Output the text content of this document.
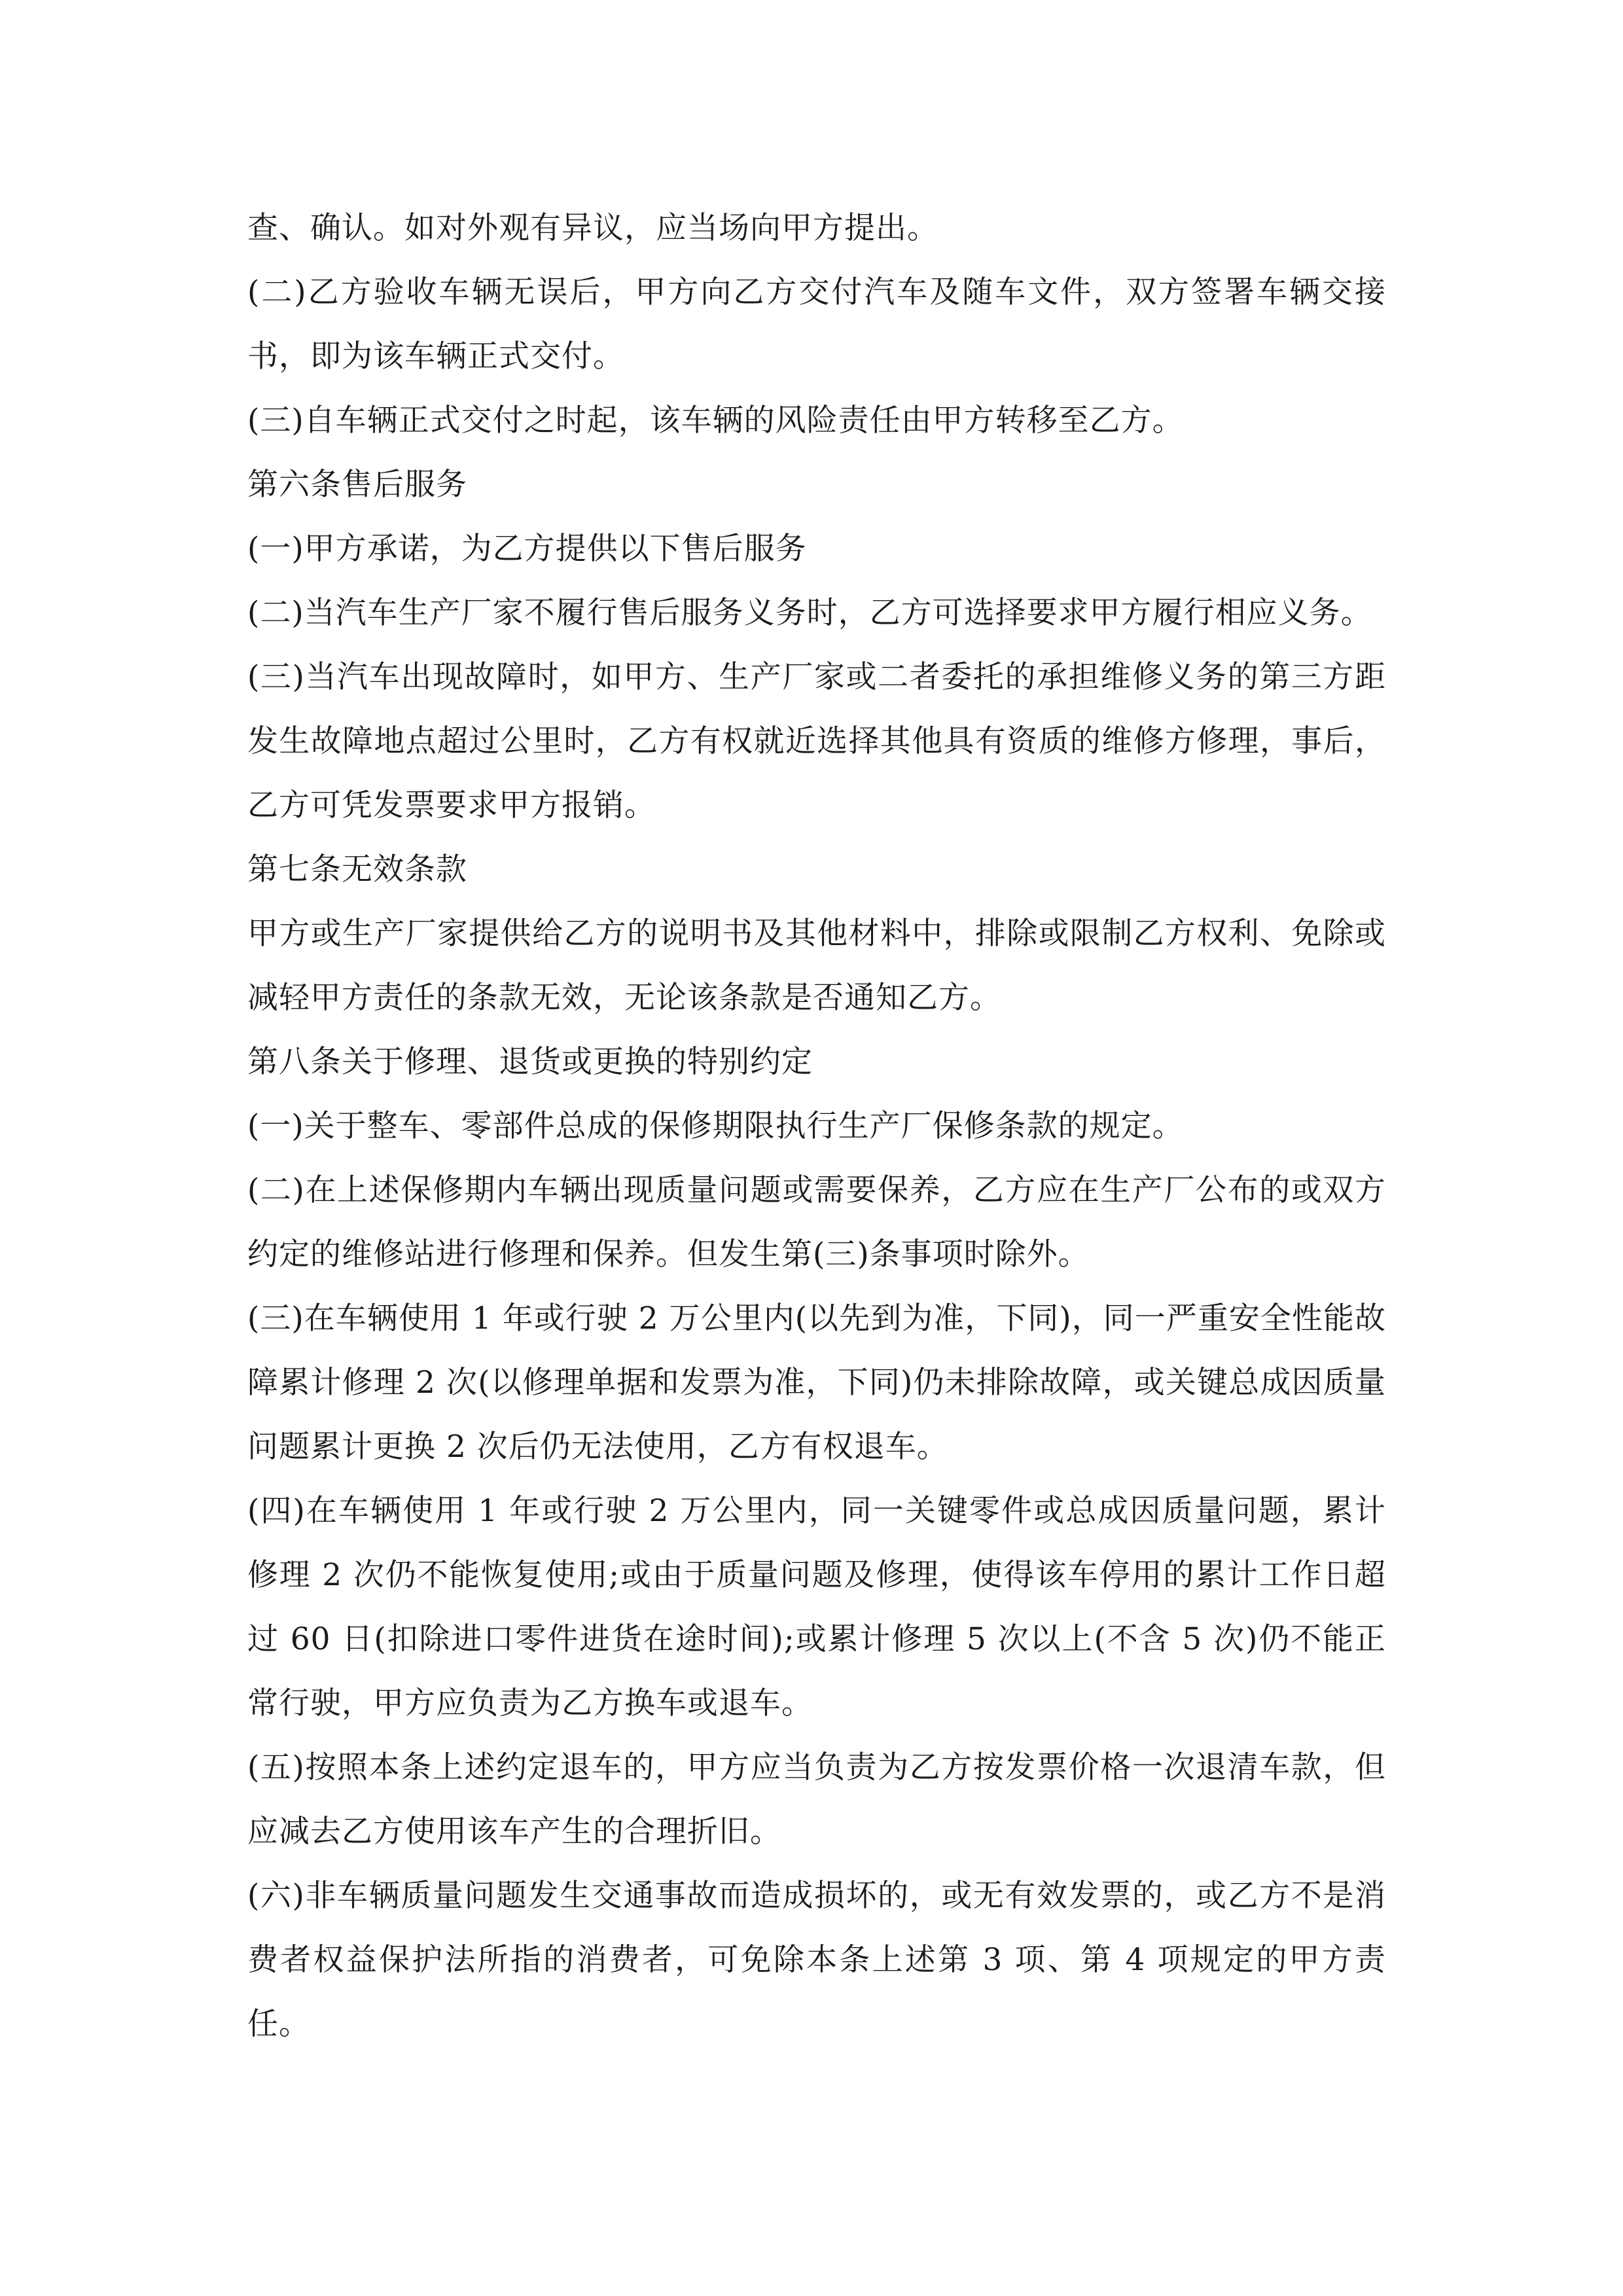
查、确认。如对外观有异议，应当场向甲方提出。

(二)乙方验收车辆无误后，甲方向乙方交付汽车及随车文件，双方签署车辆交接书，即为该车辆正式交付。

(三)自车辆正式交付之时起，该车辆的风险责任由甲方转移至乙方。

第六条售后服务

(一)甲方承诺，为乙方提供以下售后服务

(二)当汽车生产厂家不履行售后服务义务时，乙方可选择要求甲方履行相应义务。

(三)当汽车出现故障时，如甲方、生产厂家或二者委托的承担维修义务的第三方距发生故障地点超过公里时，乙方有权就近选择其他具有资质的维修方修理，事后，乙方可凭发票要求甲方报销。

第七条无效条款

甲方或生产厂家提供给乙方的说明书及其他材料中，排除或限制乙方权利、免除或减轻甲方责任的条款无效，无论该条款是否通知乙方。

第八条关于修理、退货或更换的特别约定

(一)关于整车、零部件总成的保修期限执行生产厂保修条款的规定。

(二)在上述保修期内车辆出现质量问题或需要保养，乙方应在生产厂公布的或双方约定的维修站进行修理和保养。但发生第(三)条事项时除外。

(三)在车辆使用 1 年或行驶 2 万公里内(以先到为准，下同)，同一严重安全性能故障累计修理 2 次(以修理单据和发票为准，下同)仍未排除故障，或关键总成因质量问题累计更换 2 次后仍无法使用，乙方有权退车。

(四)在车辆使用 1 年或行驶 2 万公里内，同一关键零件或总成因质量问题，累计修理 2 次仍不能恢复使用;或由于质量问题及修理，使得该车停用的累计工作日超过 60 日(扣除进口零件进货在途时间);或累计修理 5 次以上(不含 5 次)仍不能正常行驶，甲方应负责为乙方换车或退车。

(五)按照本条上述约定退车的，甲方应当负责为乙方按发票价格一次退清车款，但应减去乙方使用该车产生的合理折旧。

(六)非车辆质量问题发生交通事故而造成损坏的，或无有效发票的，或乙方不是消费者权益保护法所指的消费者，可免除本条上述第 3 项、第 4 项规定的甲方责任。
